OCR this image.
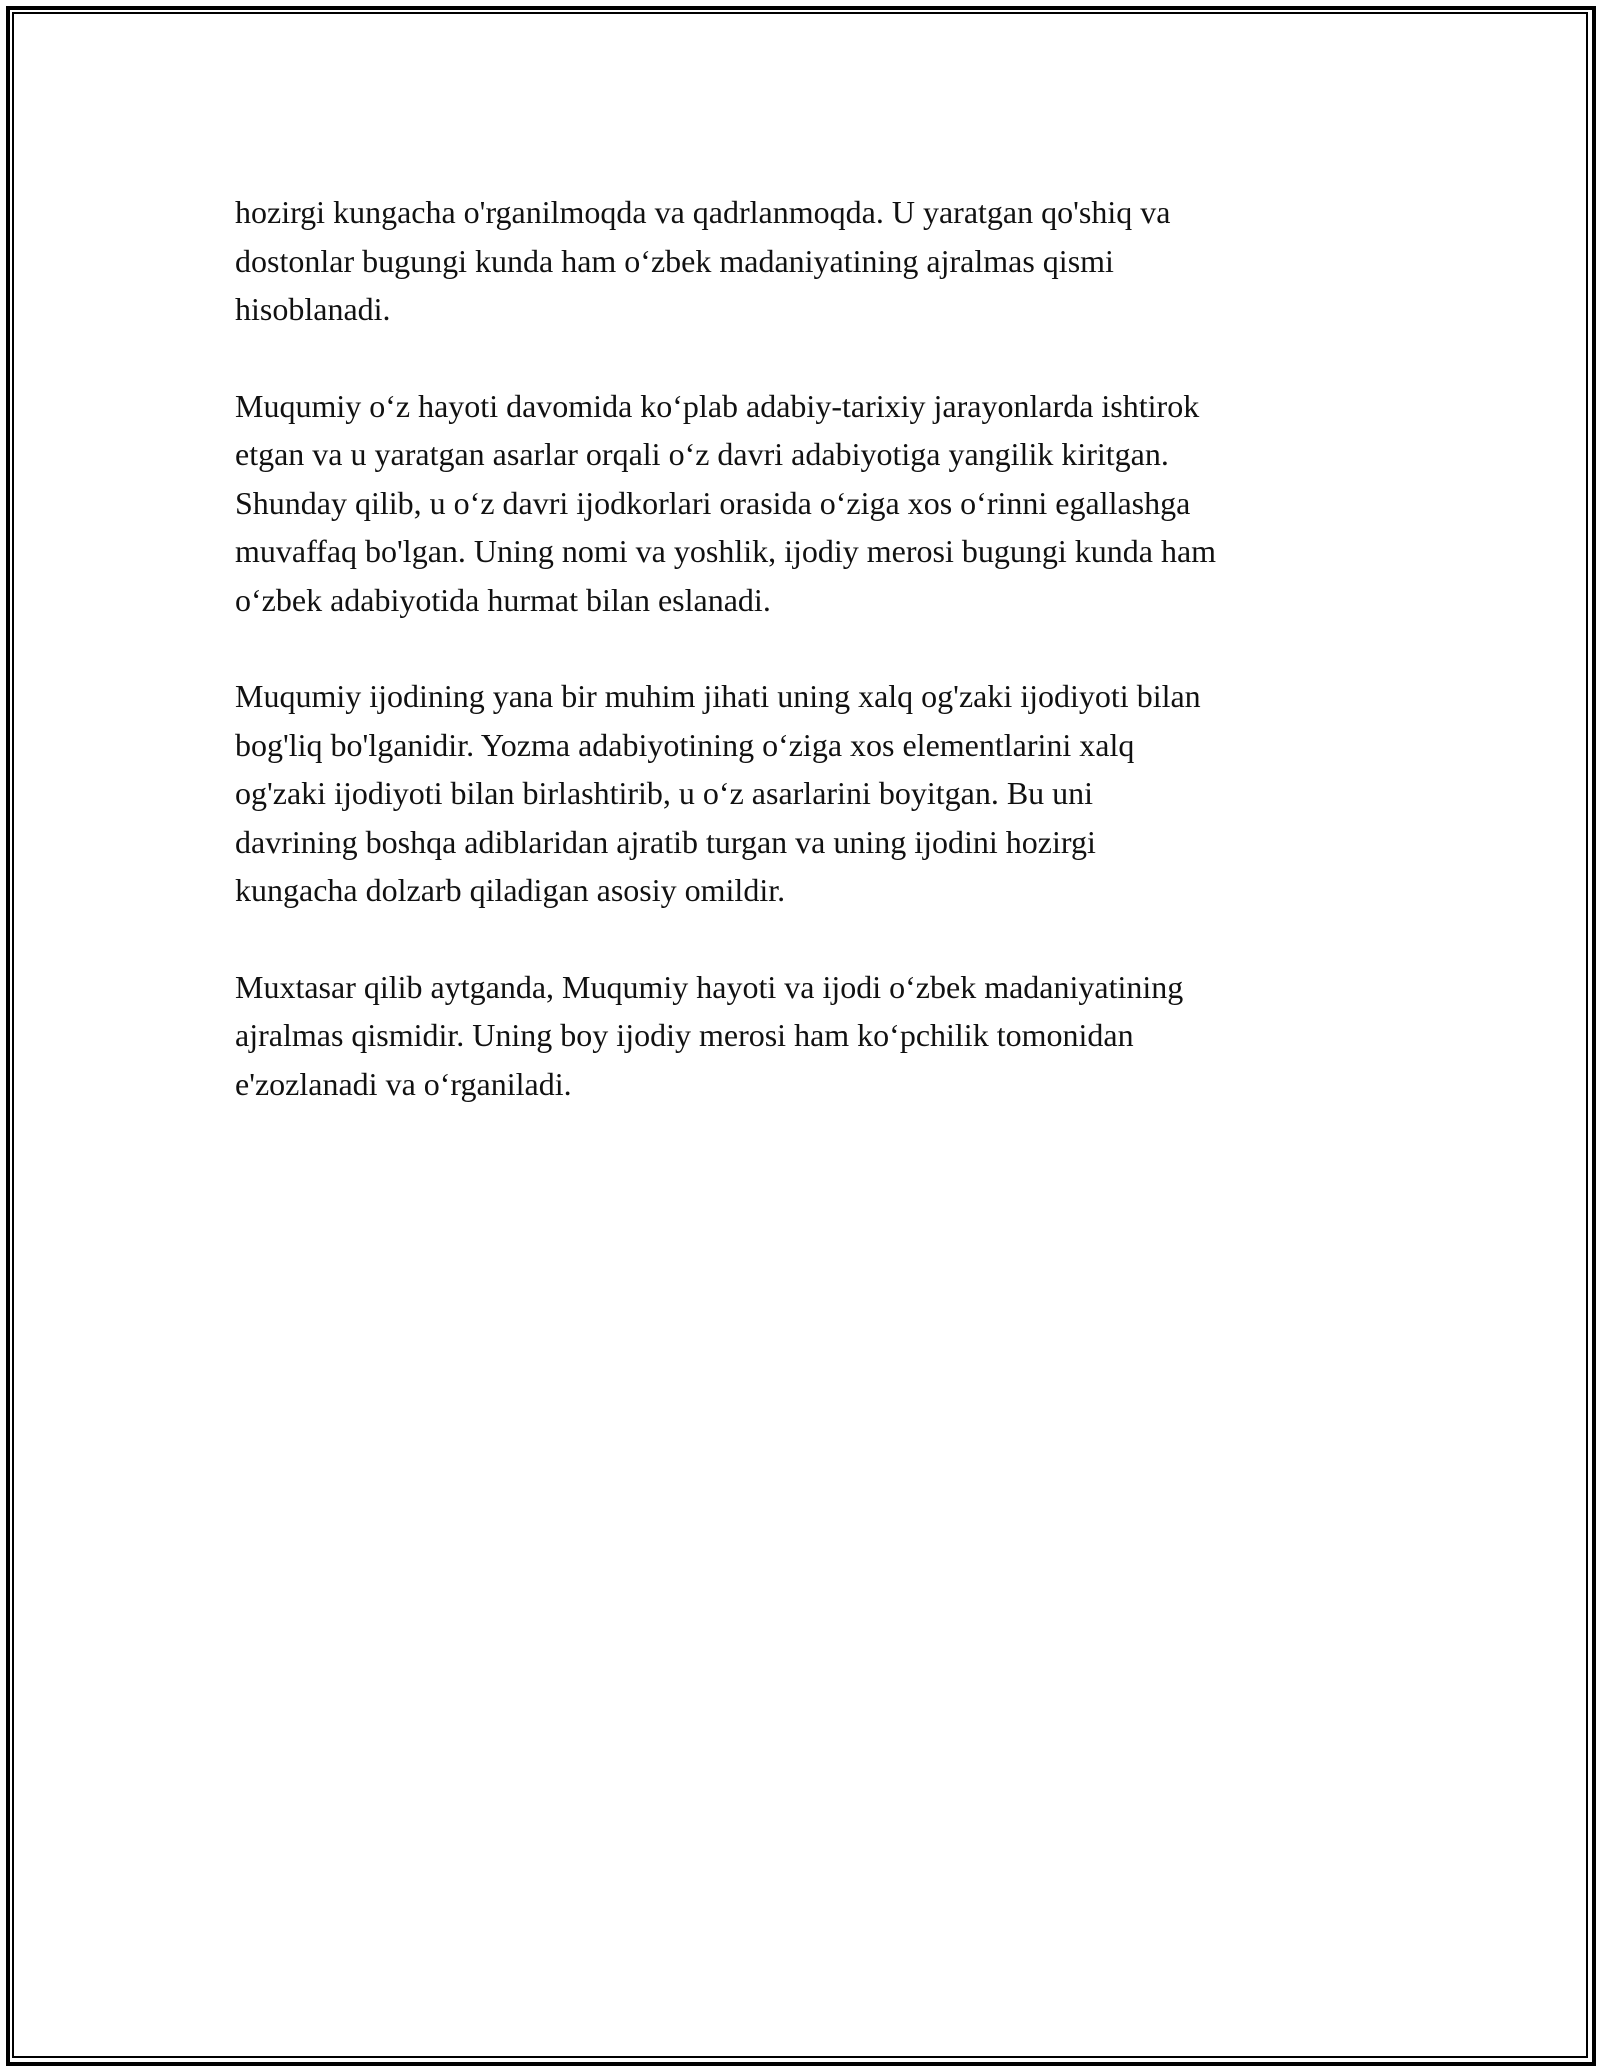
hozirgi kungacha o'rganilmoqda va qadrlanmoqda. U yaratgan qo'shiq va
dostonlar bugungi kunda ham o‘zbek madaniyatining ajralmas qismi
hisoblanadi.

Muqumiy o‘z hayoti davomida ko‘plab adabiy-tarixiy jarayonlarda ishtirok
etgan va u yaratgan asarlar orqali o‘z davri adabiyotiga yangilik kiritgan.
Shunday qilib, u o‘z davri ijodkorlari orasida o‘ziga xos o‘rinni egallashga
muvaffaq bo'lgan. Uning nomi va yoshlik, ijodiy merosi bugungi kunda ham
o‘zbek adabiyotida hurmat bilan eslanadi.

Muqumiy ijodining yana bir muhim jihati uning xalq og'zaki ijodiyoti bilan
bog'liq bo'lganidir. Yozma adabiyotining o‘ziga xos elementlarini xalq
og'zaki ijodiyoti bilan birlashtirib, u o‘z asarlarini boyitgan. Bu uni
davrining boshqa adiblaridan ajratib turgan va uning ijodini hozirgi
kungacha dolzarb qiladigan asosiy omildir.

Muxtasar qilib aytganda, Muqumiy hayoti va ijodi o‘zbek madaniyatining
ajralmas qismidir. Uning boy ijodiy merosi ham ko‘pchilik tomonidan
e'zozlanadi va o‘rganiladi.
